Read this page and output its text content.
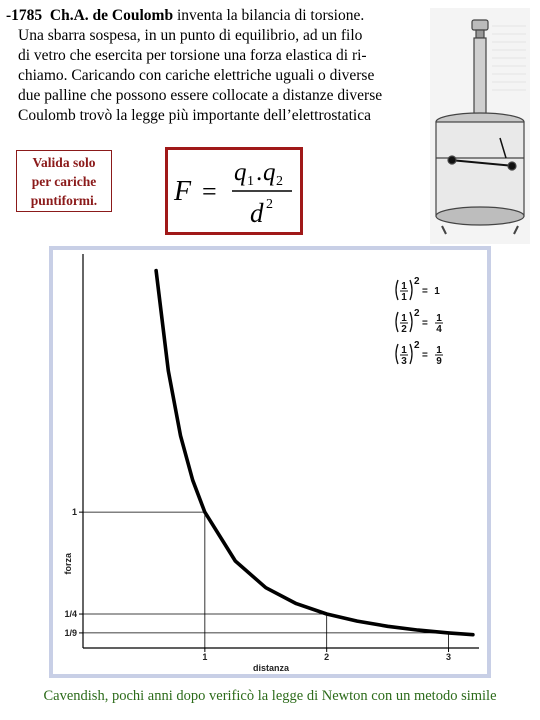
-1785 Ch.A. de Coulomb inventa la bilancia di torsione.
Una sbarra sospesa, in un punto di equilibrio, ad un filo
di vetro che esercita per torsione una forza elastica di ri-
chiamo. Caricando con cariche elettriche uguali o diverse
due palline che possono essere collocate a distanze diverse
Coulomb trovò la legge più importante dell’elettrostatica
Valida solo
per cariche
puntiformi.	F =
q 1 . q 2
d 2
1	2	3
1
1/4
1/9
distanza
forza
1
1
2
= 1
1
2
2
= 1
4
1
3
2
= 1
9
Cavendish, pochi anni dopo verificò la legge di Newton con un metodo simile
